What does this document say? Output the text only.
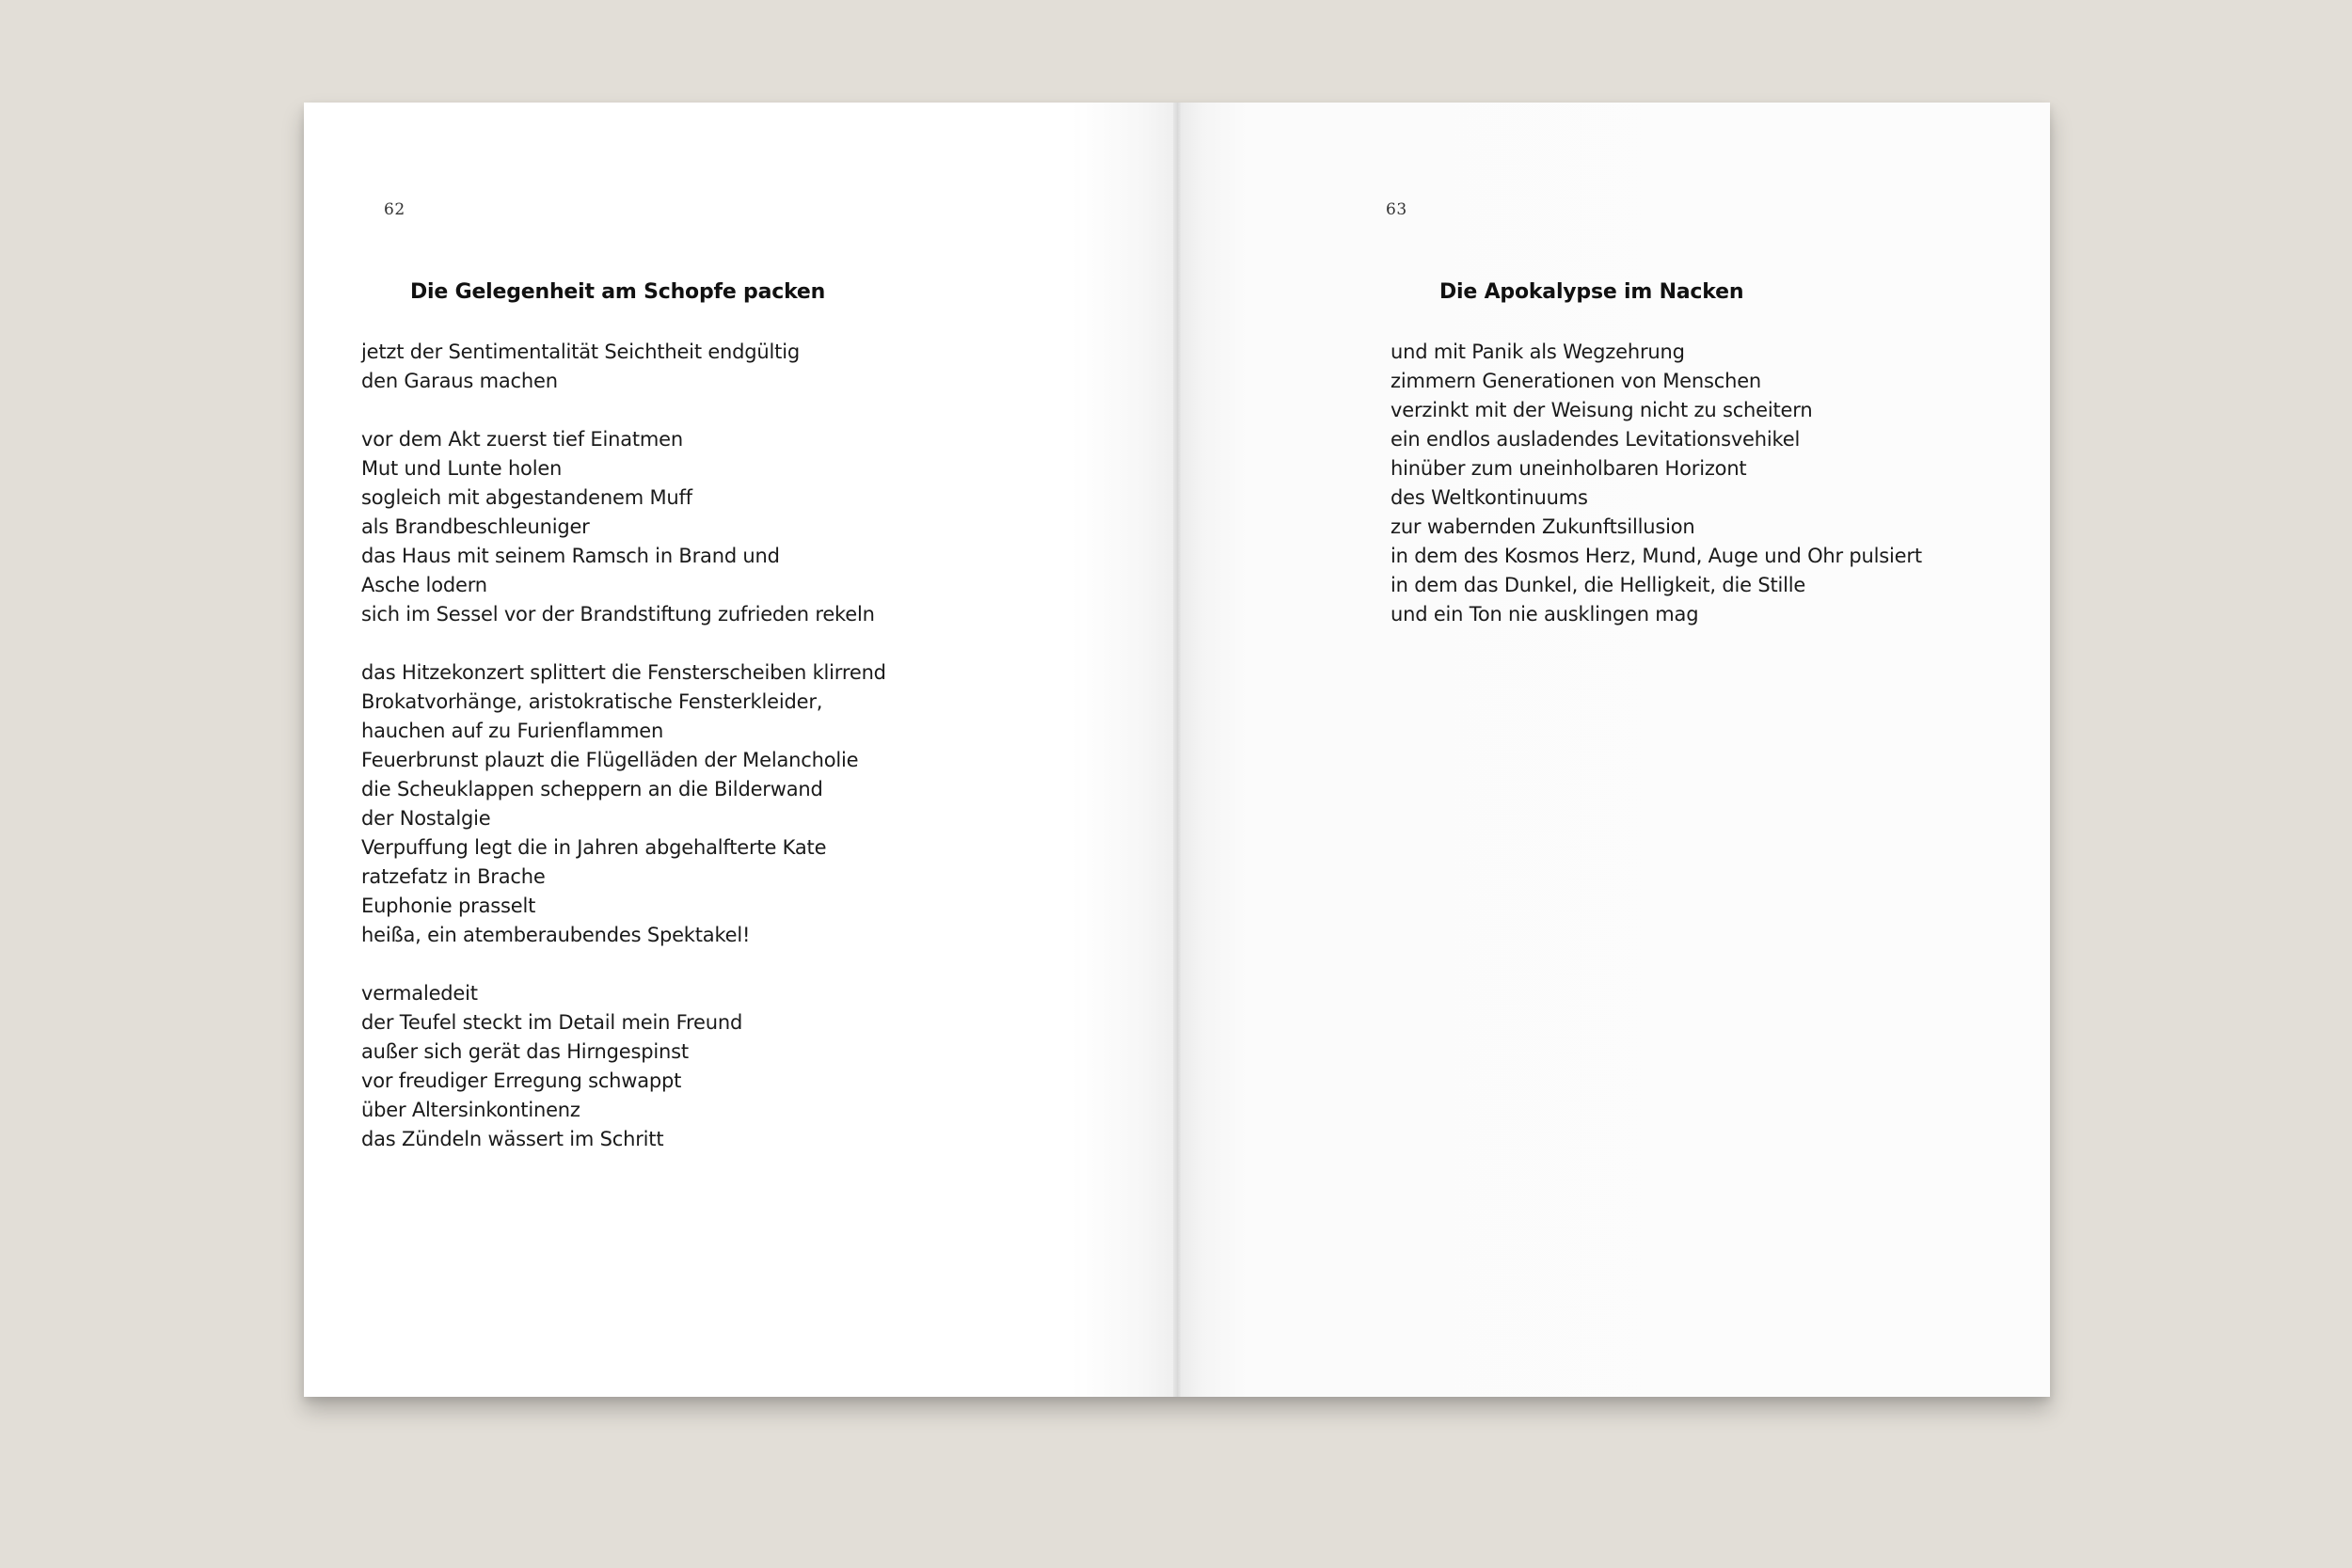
62
Die Gelegenheit am Schopfe packen
jetzt der Sentimentalität Seichtheit endgültig
den Garaus machen
vor dem Akt zuerst tief Einatmen
Mut und Lunte holen
sogleich mit abgestandenem Muff
als Brandbeschleuniger
das Haus mit seinem Ramsch in Brand und
Asche lodern
sich im Sessel vor der Brandstiftung zufrieden rekeln
das Hitzekonzert splittert die Fensterscheiben klirrend
Brokatvorhänge, aristokratische Fensterkleider,
hauchen auf zu Furienflammen
Feuerbrunst plauzt die Flügelläden der Melancholie
die Scheuklappen scheppern an die Bilderwand
der Nostalgie
Verpuffung legt die in Jahren abgehalfterte Kate
ratzefatz in Brache
Euphonie prasselt
heißa, ein atemberaubendes Spektakel!
vermaledeit
der Teufel steckt im Detail mein Freund
außer sich gerät das Hirngespinst
vor freudiger Erregung schwappt
über Altersinkontinenz
das Zündeln wässert im Schritt
63
Die Apokalypse im Nacken
und mit Panik als Wegzehrung
zimmern Generationen von Menschen
verzinkt mit der Weisung nicht zu scheitern
ein endlos ausladendes Levitationsvehikel
hinüber zum uneinholbaren Horizont
des Weltkontinuums
zur wabernden Zukunftsillusion
in dem des Kosmos Herz, Mund, Auge und Ohr pulsiert
in dem das Dunkel, die Helligkeit, die Stille
und ein Ton nie ausklingen mag
